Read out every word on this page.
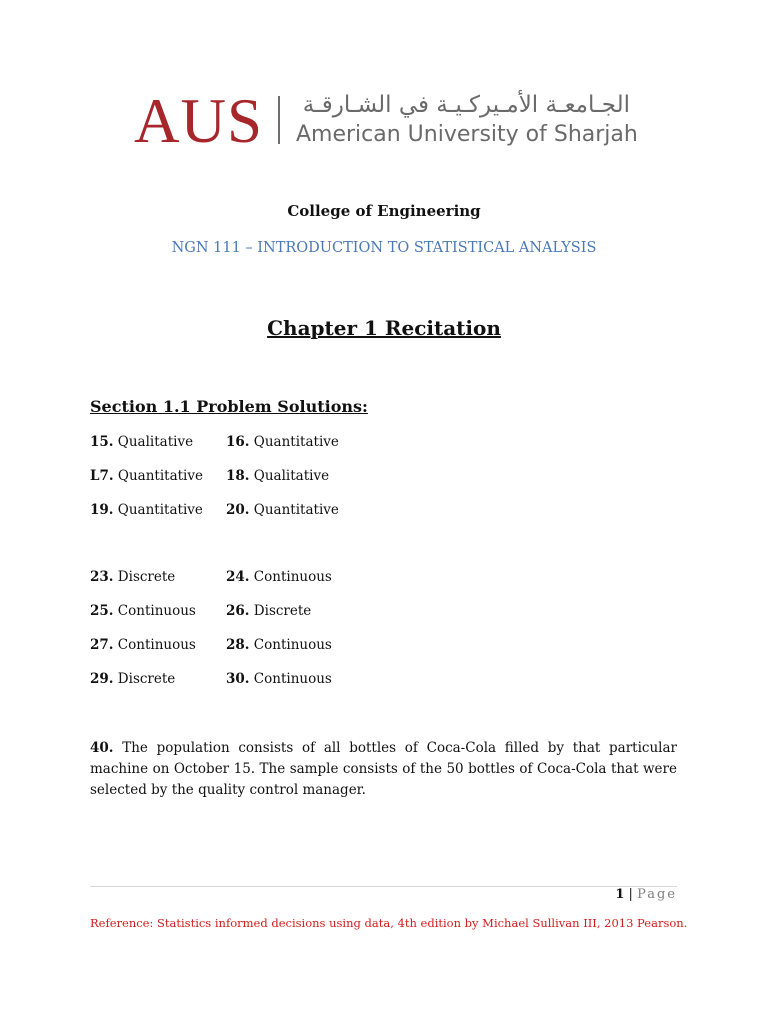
AUS	الجـامعـة الأمـيركـيـة في الشـارقـة
American University of Sharjah
College of Engineering
NGN 111 – INTRODUCTION TO STATISTICAL ANALYSIS
Chapter 1 Recitation
Section 1.1 Problem Solutions:
15. Qualitative 16. Quantitative
L7. Quantitative 18. Qualitative
19. Quantitative 20. Quantitative
23. Discrete	24. Continuous
25. Continuous 26. Discrete
27. Continuous 28. Continuous
29. Discrete	30. Continuous
40. The population consists of all bottles of Coca-Cola filled by that particular machine on October 15. The sample consists of the 50 bottles of Coca-Cola that were selected by the quality control manager.
1 | Page
Reference: Statistics informed decisions using data, 4th edition by Michael Sullivan III, 2013 Pearson.
